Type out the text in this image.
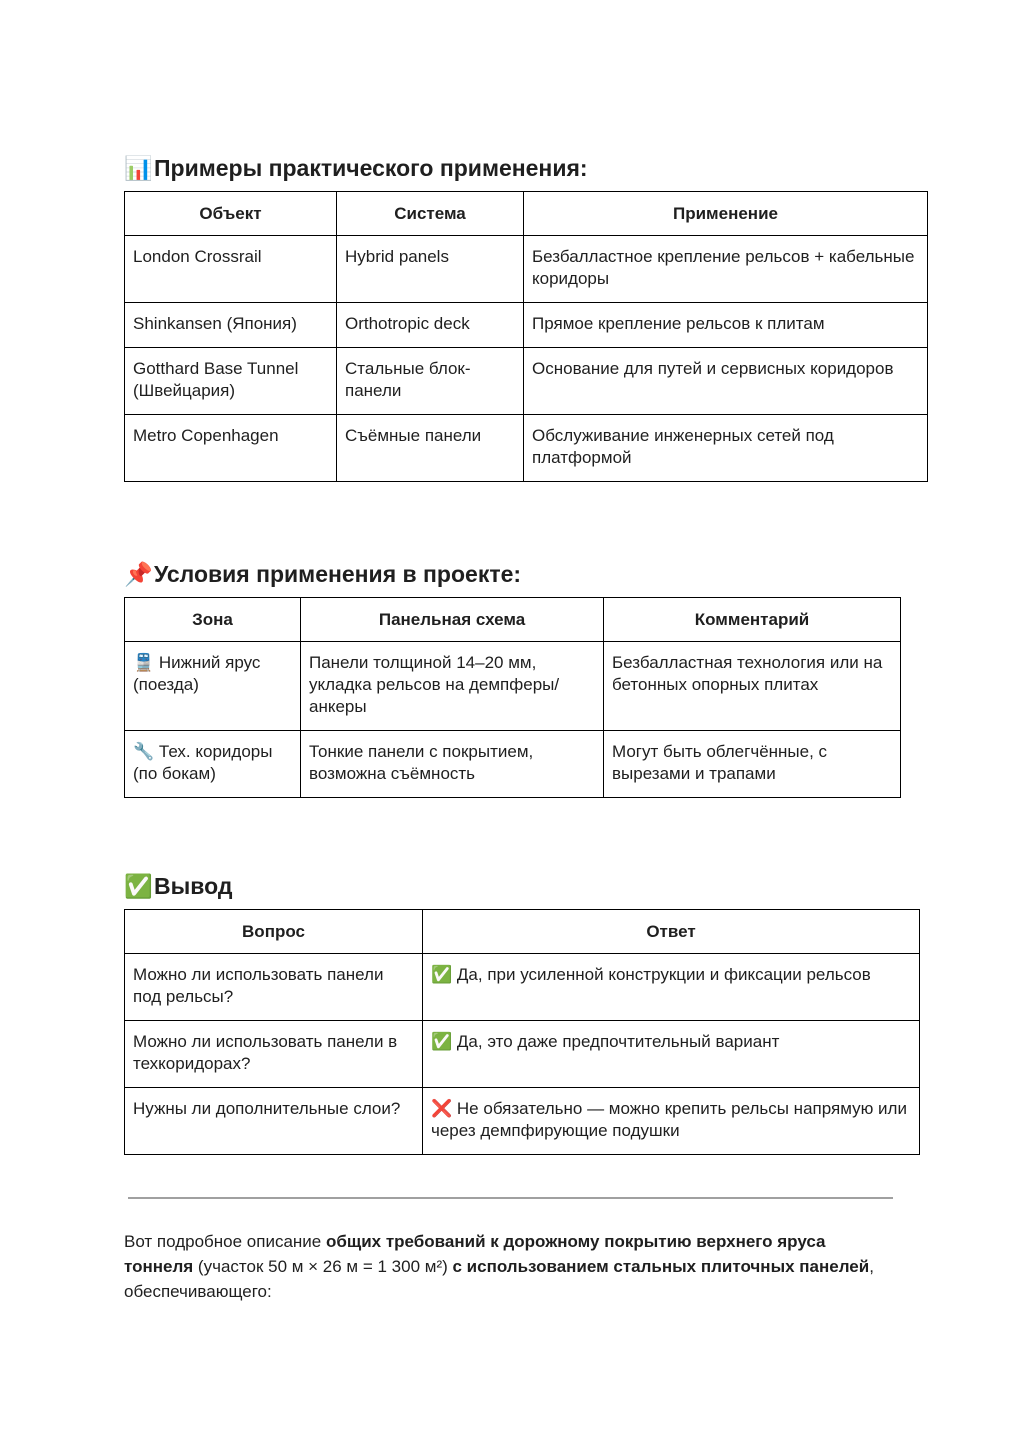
📊Примеры практического применения:
Объект	Система	Применение
London Crossrail	Hybrid panels	Безбалластное крепление рельсов + кабельные коридоры
Shinkansen (Япония)	Orthotropic deck	Прямое крепление рельсов к плитам
Gotthard Base Tunnel (Швейцария)	Стальные блок-панели	Основание для путей и сервисных коридоров
Metro Copenhagen	Съёмные панели	Обслуживание инженерных сетей под платформой
📌Условия применения в проекте:
Зона	Панельная схема	Комментарий
🚆 Нижний ярус (поезда)	Панели толщиной 14–20 мм, укладка рельсов на демпферы/анкеры	Безбалластная технология или на бетонных опорных плитах
🔧 Тех. коридоры (по бокам)	Тонкие панели с покрытием, возможна съёмность	Могут быть облегчённые, с вырезами и трапами
✅Вывод
Вопрос	Ответ
Можно ли использовать панели под рельсы?	✅ Да, при усиленной конструкции и фиксации рельсов
Можно ли использовать панели в техкоридорах?	✅ Да, это даже предпочтительный вариант
Нужны ли дополнительные слои?	❌ Не обязательно — можно крепить рельсы напрямую или через демпфирующие подушки

Вот подробное описание общих требований к дорожному покрытию верхнего яруса тоннеля (участок 50 м × 26 м = 1 300 м²) с использованием стальных плиточных панелей, обеспечивающего:
